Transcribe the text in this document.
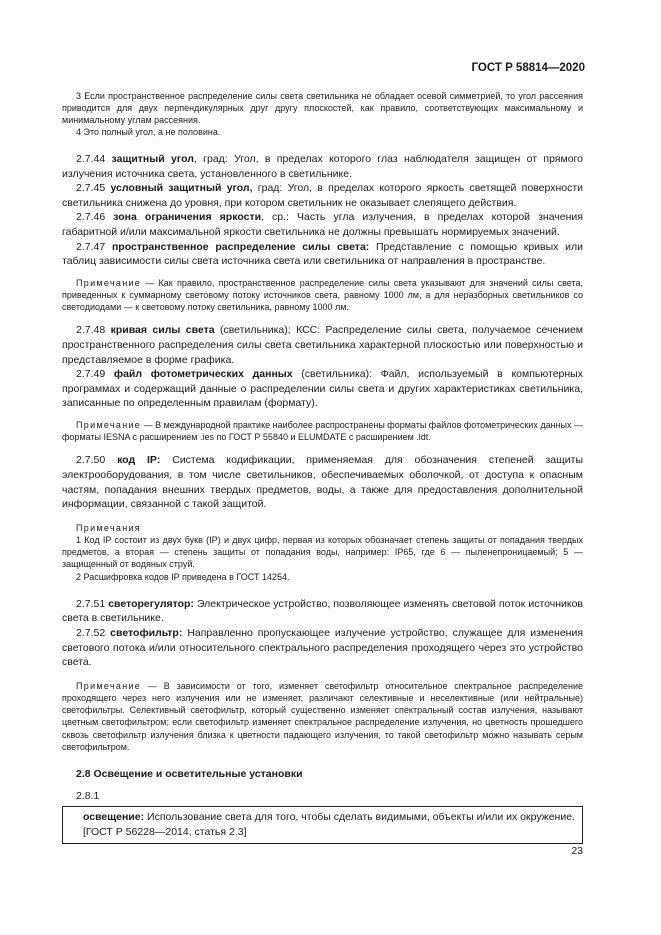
ГОСТ Р 58814—2020

3 Если пространственное распределение силы света светильника не обладает осевой симметрией, то угол рассеяния приводится для двух перпендикулярных друг другу плоскостей, как правило, соответствующих максимальному и минимальному углам рассеяния.

4 Это полный угол, а не половина.

2.7.44 защитный угол, град: Угол, в пределах которого глаз наблюдателя защищен от прямого излучения источника света, установленного в светильнике.

2.7.45 условный защитный угол, град: Угол, в пределах которого яркость светящей поверхности светильника снижена до уровня, при котором светильник не оказывает слепящего действия.

2.7.46 зона ограничения яркости, ср.: Часть угла излучения, в пределах которой значения габаритной и/или максимальной яркости светильника не должны превышать нормируемых значений.

2.7.47 пространственное распределение силы света: Представление с помощью кривых или таблиц зависимости силы света источника света или светильника от направления в пространстве.

Примечание — Как правило, пространственное распределение силы света указывают для значений силы света, приведенных к суммарному световому потоку источников света, равному 1000 лм, а для неразборных светильников со светодиодами — к световому потоку светильника, равному 1000 лм.

2.7.48 кривая силы света (светильника); КСС: Распределение силы света, получаемое сечением пространственного распределения силы света светильника характерной плоскостью или поверхностью и представляемое в форме графика.

2.7.49 файл фотометрических данных (светильника): Файл, используемый в компьютерных программах и содержащий данные о распределении силы света и других характеристиках светильника, записанные по определенным правилам (формату).

Примечание — В международной практике наиболее распространены форматы файлов фотометрических данных — форматы IESNA с расширением .ies по ГОСТ Р 55840 и ELUMDATE с расширением .ldt.

2.7.50 код IP: Система кодификации, применяемая для обозначения степеней защиты электрооборудования, в том числе светильников, обеспечиваемых оболочкой, от доступа к опасным частям, попадания внешних твердых предметов, воды, а также для предоставления дополнительной информации, связанной с такой защитой.

Примечания

1 Код IP состоит из двух букв (IP) и двух цифр, первая из которых обозначает степень защиты от попадания твердых предметов, а вторая — степень защиты от попадания воды, например: IP65, где 6 — пыленепроницаемый; 5 — защищенный от водяных струй.

2 Расшифровка кодов IP приведена в ГОСТ 14254.

2.7.51 светорегулятор: Электрическое устройство, позволяющее изменять световой поток источников света в светильнике.

2.7.52 светофильтр: Направленно пропускающее излучение устройство, служащее для изменения светового потока и/или относительного спектрального распределения проходящего через это устройство света.

Примечание — В зависимости от того, изменяет светофильтр относительное спектральное распределение проходящего через него излучения или не изменяет, различают селективные и неселективные (или нейтральные) светофильтры. Селективный светофильтр, который существенно изменяет спектральный состав излучения, называют цветным светофильтром; если светофильтр изменяет спектральное распределение излучения, но цветность прошедшего сквозь светофильтр излучения близка к цветности падающего излучения, то такой светофильтр можно называть серым светофильтром.

2.8 Освещение и осветительные установки

2.8.1

освещение: Использование света для того, чтобы сделать видимыми, объекты и/или их окружение.

[ГОСТ Р 56228—2014, статья 2.3]

23
